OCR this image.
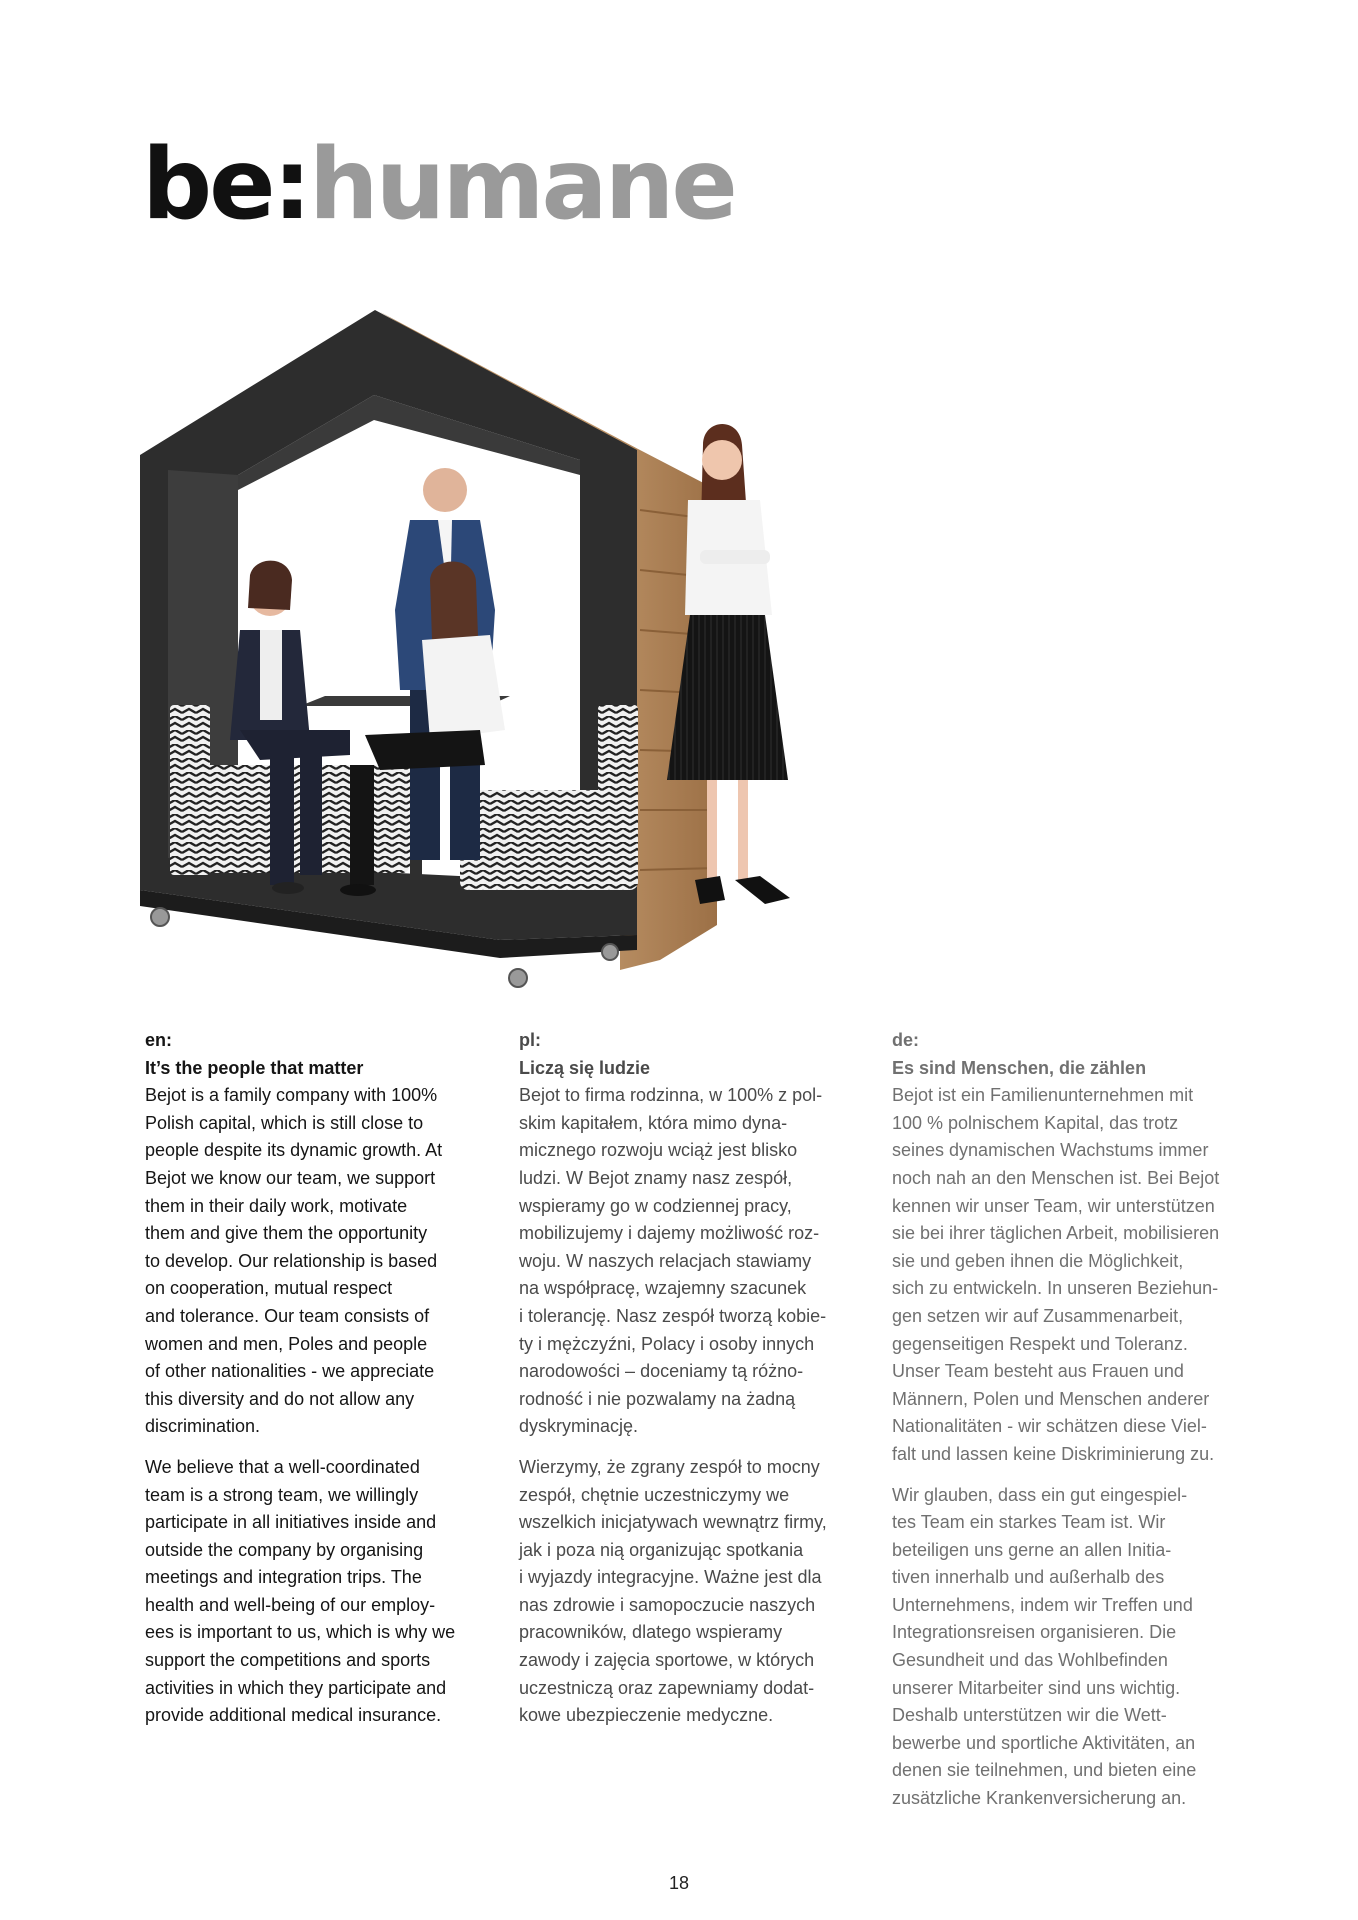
be:humane

en:

It’s the people that matter

Bejot is a family company with 100%
Polish capital, which is still close to
people despite its dynamic growth. At
Bejot we know our team, we support
them in their daily work, motivate
them and give them the opportunity
to develop. Our relationship is based
on cooperation, mutual respect
and tolerance. Our team consists of
women and men, Poles and people
of other nationalities - we appreciate
this diversity and do not allow any
discrimination.

We believe that a well-coordinated
team is a strong team, we willingly
participate in all initiatives inside and
outside the company by organising
meetings and integration trips. The
health and well-being of our employ-
ees is important to us, which is why we
support the competitions and sports
activities in which they participate and
provide additional medical insurance.

pl:

Liczą się ludzie

Bejot to firma rodzinna, w 100% z pol-
skim kapitałem, która mimo dyna-
micznego rozwoju wciąż jest blisko
ludzi. W Bejot znamy nasz zespół,
wspieramy go w codziennej pracy,
mobilizujemy i dajemy możliwość roz-
woju. W naszych relacjach stawiamy
na współpracę, wzajemny szacunek
i tolerancję. Nasz zespół tworzą kobie-
ty i mężczyźni, Polacy i osoby innych
narodowości – doceniamy tą różno-
rodność i nie pozwalamy na żadną
dyskryminację.

Wierzymy, że zgrany zespół to mocny
zespół, chętnie uczestniczymy we
wszelkich inicjatywach wewnątrz firmy,
jak i poza nią organizując spotkania
i wyjazdy integracyjne. Ważne jest dla
nas zdrowie i samopoczucie naszych
pracowników, dlatego wspieramy
zawody i zajęcia sportowe, w których
uczestniczą oraz zapewniamy dodat-
kowe ubezpieczenie medyczne.

de:

Es sind Menschen, die zählen

Bejot ist ein Familienunternehmen mit
100 % polnischem Kapital, das trotz
seines dynamischen Wachstums immer
noch nah an den Menschen ist. Bei Bejot
kennen wir unser Team, wir unterstützen
sie bei ihrer täglichen Arbeit, mobilisieren
sie und geben ihnen die Möglichkeit,
sich zu entwickeln. In unseren Beziehun-
gen setzen wir auf Zusammenarbeit,
gegenseitigen Respekt und Toleranz.
Unser Team besteht aus Frauen und
Männern, Polen und Menschen anderer
Nationalitäten - wir schätzen diese Viel-
falt und lassen keine Diskriminierung zu.

Wir glauben, dass ein gut eingespiel-
tes Team ein starkes Team ist. Wir
beteiligen uns gerne an allen Initia-
tiven innerhalb und außerhalb des
Unternehmens, indem wir Treffen und
Integrationsreisen organisieren. Die
Gesundheit und das Wohlbefinden
unserer Mitarbeiter sind uns wichtig.
Deshalb unterstützen wir die Wett-
bewerbe und sportliche Aktivitäten, an
denen sie teilnehmen, und bieten eine
zusätzliche Krankenversicherung an.

18
